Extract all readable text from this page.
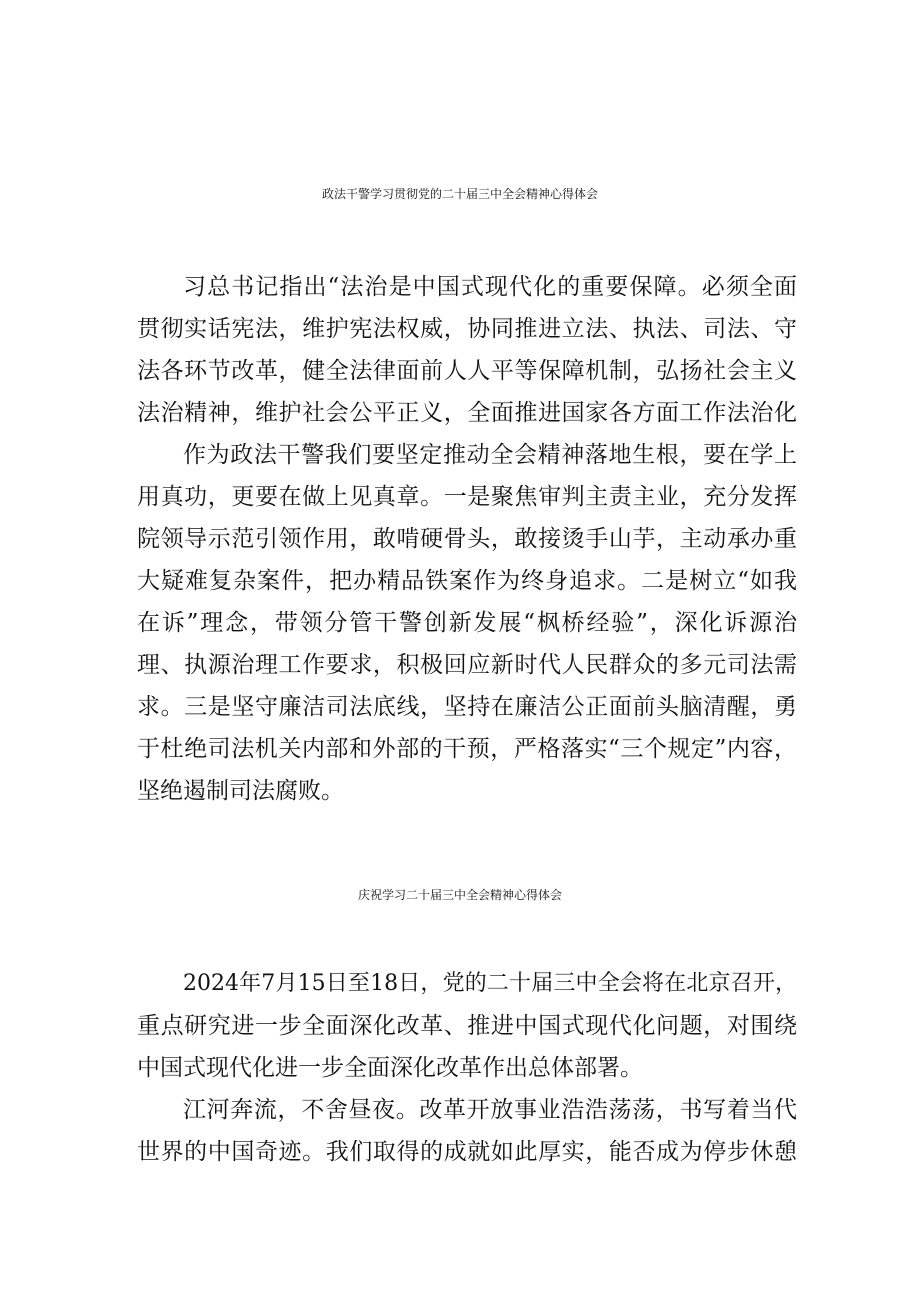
政法干警学习贯彻党的二十届三中全会精神心得体会
习总书记指出“法治是中国式现代化的重要保障。必须全面
贯彻实话宪法，维护宪法权威，协同推进立法、执法、司法、守
法各环节改革，健全法律面前人人平等保障机制，弘扬社会主义
法治精神，维护社会公平正义，全面推进国家各方面工作法治化
作为政法干警我们要坚定推动全会精神落地生根，要在学上
用真功，更要在做上见真章。一是聚焦审判主责主业，充分发挥
院领导示范引领作用，敢啃硬骨头，敢接烫手山芋，主动承办重
大疑难复杂案件，把办精品铁案作为终身追求。二是树立“如我
在诉”理念，带领分管干警创新发展“枫桥经验”，深化诉源治
理、执源治理工作要求，积极回应新时代人民群众的多元司法需
求。三是坚守廉洁司法底线，坚持在廉洁公正面前头脑清醒，勇
于杜绝司法机关内部和外部的干预，严格落实“三个规定”内容，
坚绝遏制司法腐败。
庆祝学习二十届三中全会精神心得体会
2024年7月15日至18日，党的二十届三中全会将在北京召开，
重点研究进一步全面深化改革、推进中国式现代化问题，对围绕
中国式现代化进一步全面深化改革作出总体部署。
江河奔流，不舍昼夜。改革开放事业浩浩荡荡，书写着当代
世界的中国奇迹。我们取得的成就如此厚实，能否成为停步休憩
